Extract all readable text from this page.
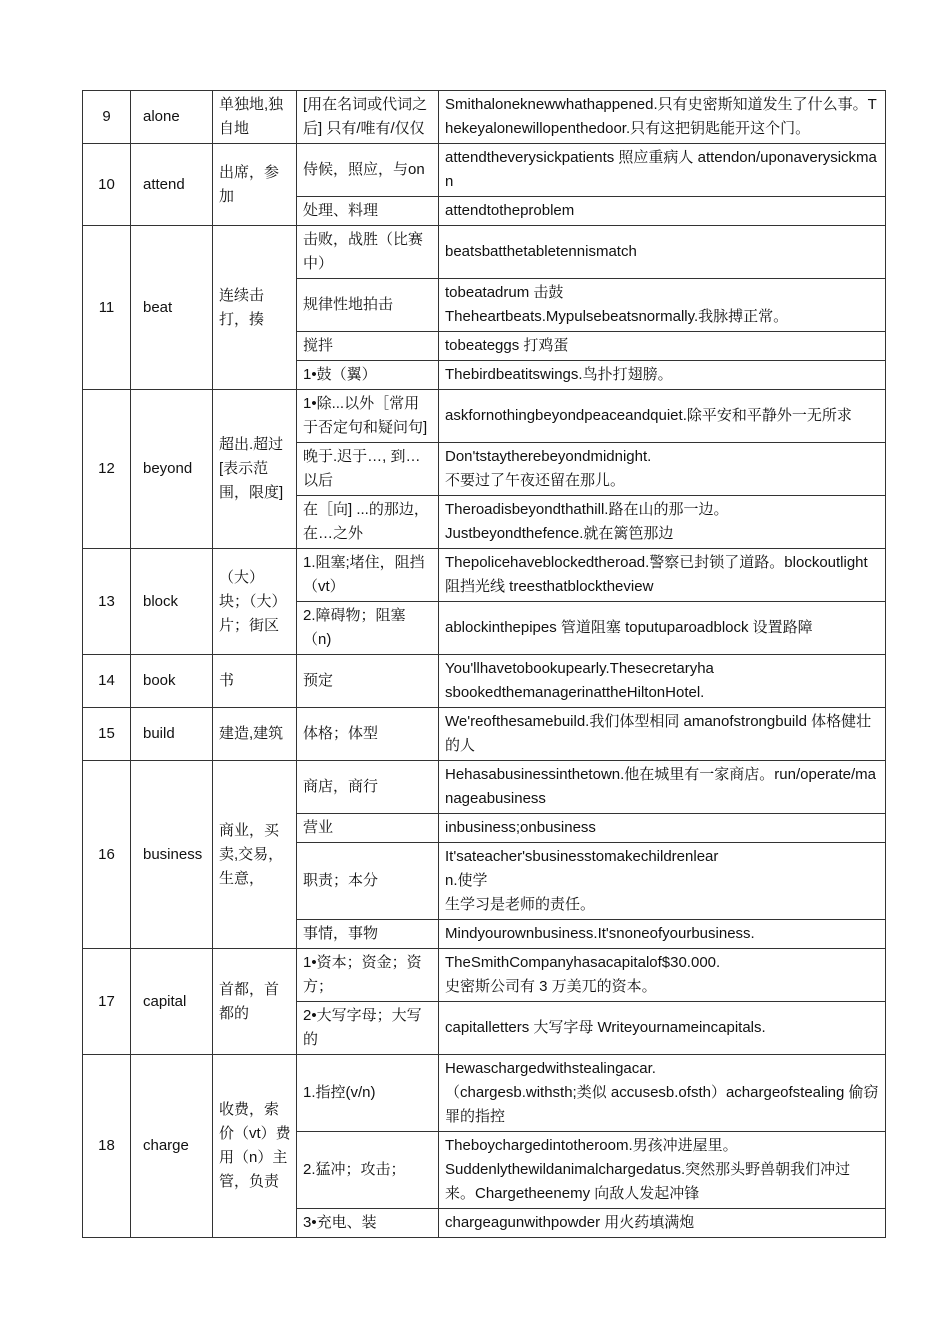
9	alone	单独地,独自地	[用在名词或代词之后] 只有/唯有/仅仅	Smithaloneknewwhathappened.只有史密斯知道发生了什么事。Thekeyalonewillopenthedoor.只有这把钥匙能开这个门。

10	attend	出席，参加	侍候，照应，与on	attendtheverysickpatients 照应重病人 attendon/uponaverysickman

			处理、料理	attendtotheproblem

11	beat	连续击打，揍	击败，战胜（比赛中）	beatsbatthetabletennismatch

			规律性地拍击	tobeatadrum 击鼓
Theheartbeats.Mypulsebeatsnormally.我脉搏正常。

			搅拌	tobeateggs 打鸡蛋

			1•鼓（翼）	Thebirdbeatitswings.鸟扑打翅膀。

12	beyond	超出.超过 [表示范围，限度]	1•除...以外［常用于否定句和疑问句]	askfornothingbeyondpeaceandquiet.除平安和平静外一无所求

			晚于.迟于…, 到…以后	Don'tstaytherebeyondmidnight.
不要过了午夜还留在那儿。

			在［向] ...的那边，在…之外	Theroadisbeyondthathill.路在山的那一边。
Justbeyondthefence.就在篱笆那边

13	block	（大）块；（大）片；街区	1.阻塞;堵住，阻挡（vt）	Thepolicehaveblockedtheroad.警察已封锁了道路。blockoutlight 阻挡光线 treesthatblocktheview

			2.障碍物；阻塞（n)	ablockinthepipes 管道阻塞 toputuparoadblock 设置路障

14	book	书	预定	You'llhavetobookupearly.Thesecretaryha
sbookedthemanagerinattheHiltonHotel.

15	build	建造,建筑	体格；体型	We'reofthesamebuild.我们体型相同 amanofstrongbuild 体格健壮的人

16	business	商业，买卖,交易，生意，	商店，商行	Hehasabusinessinthetown.他在城里有一家商店。run/operate/manageabusiness

			营业	inbusiness;onbusiness

			职责；本分	It'sateacher'sbusinesstomakechildrenlear
n.使学
生学习是老师的责任。

			事情，事物	Mindyourownbusiness.It'snoneofyourbusiness.

17	capital	首都，首都的	1•资本；资金；资方；	TheSmithCompanyhasacapitalof$30.000.
史密斯公司有 3 万美兀的资本。

			2•大写字母；大写的	capitalletters 大写字母 Writeyournameincapitals.

18	charge	收费，索价（vt）费用（n）主管，负责	1.指控(v/n)	Hewaschargedwithstealingacar.
（chargesb.withsth;类似 accusesb.ofsth）achargeofstealing 偷窃罪的指控

			2.猛冲；攻击；	Theboychargedintotheroom.男孩冲进屋里。
Suddenlythewildanimalchargedatus.突然那头野兽朝我们冲过来。Chargetheenemy 向敌人发起冲锋

			3•充电、装	chargeagunwithpowder 用火药填满炮
